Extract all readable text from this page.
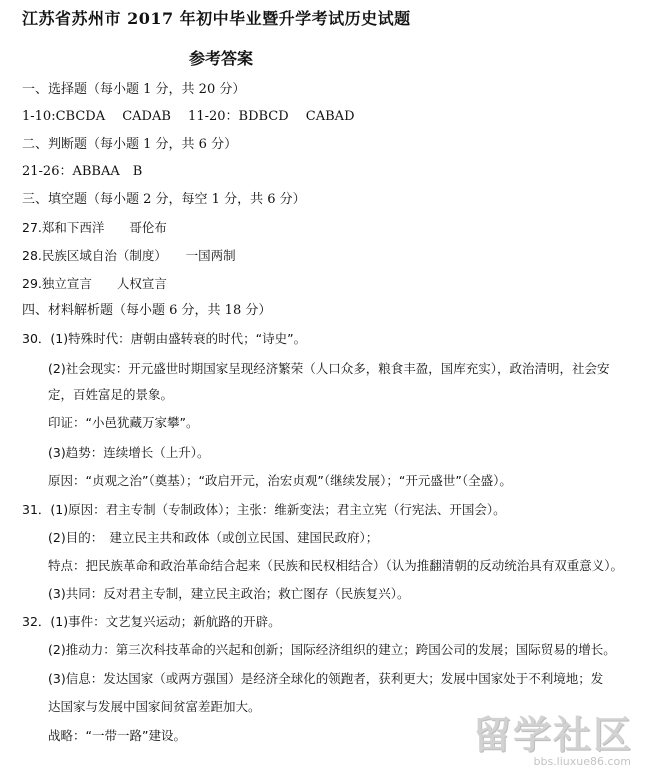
江苏省苏州市 2017 年初中毕业暨升学考试历史试题
参考答案
一、选择题（每小题 1 分，共 20 分）
1-10:CBCDA　 CADAB　 11-20：BDBCD　 CABAD
二、判断题（每小题 1 分，共 6 分）
21-26：ABBAA　B
三、填空题（每小题 2 分，每空 1 分，共 6 分）
27.郑和下西洋　　哥伦布
28.民族区域自治（制度）　　一国两制
29.独立宣言　　人权宣言
四、材料解析题（每小题 6 分，共 18 分）
30．(1)特殊时代：唐朝由盛转衰的时代；“诗史”。
(2)社会现实：开元盛世时期国家呈现经济繁荣（人口众多，粮食丰盈，国库充实），政治清明，社会安
定，百姓富足的景象。
印证：“小邑犹藏万家攀”。
(3)趋势：连续增长（上升）。
原因：“贞观之治”（奠基）；“政启开元，治宏贞观”（继续发展）；“开元盛世”（全盛）。
31．(1)原因：君主专制（专制政体）；主张：维新变法；君主立宪（行宪法、开国会）。
(2)目的：　建立民主共和政体（或创立民国、建国民政府）；
特点：把民族革命和政治革命结合起来（民族和民权相结合）（认为推翻清朝的反动统治具有双重意义）。
(3)共同：反对君主专制，建立民主政治；救亡图存（民族复兴）。
32．(1)事件：文艺复兴运动；新航路的开辟。
(2)推动力：第三次科技革命的兴起和创新；国际经济组织的建立；跨国公司的发展；国际贸易的增长。
(3)信息：发达国家（或两方强国）是经济全球化的领跑者，获利更大；发展中国家处于不利境地；发
达国家与发展中国家间贫富差距加大。
战略：“一带一路”建设。	留学社区
bbs.liuxue86.com
